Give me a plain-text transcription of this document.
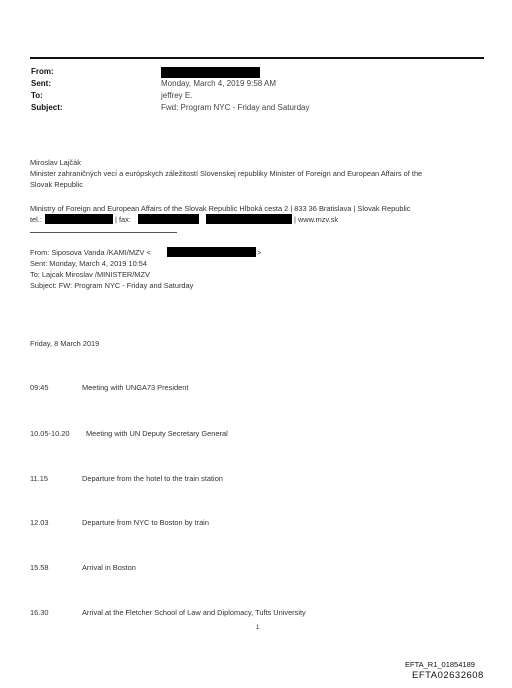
From:
Sent:	Monday, March 4, 2019 9:58 AM
To:	jeffrey E.
Subject:	Fwd: Program NYC - Friday and Saturday
Miroslav Lajčák
Minister zahraničných vecí a európskych záležitostí Slovenskej republiky Minister of Foreign and European Affairs of the
Slovak Republic
Ministry of Foreign and European Affairs of the Slovak Republic Hlboká cesta 2 | 833 36 Bratislava | Slovak Republic
tel.:	| fax:	| www.mzv.sk
From: Siposova Vanda /KAMI/MZV <	>
Sent: Monday, March 4, 2019 10:54
To: Lajcak Miroslav /MINISTER/MZV
Subject: FW: Program NYC - Friday and Saturday
Friday, 8 March 2019
09:45	Meeting with UNGA73 President
10.05-10.20 Meeting with UN Deputy Secretary General
11.15	Departure from the hotel to the train station
12.03	Departure from NYC to Boston by train
15.58	Arrival in Boston
16.30	Arrival at the Fletcher School of Law and Diplomacy, Tufts University
1
EFTA_R1_01854189
EFTA02632608
